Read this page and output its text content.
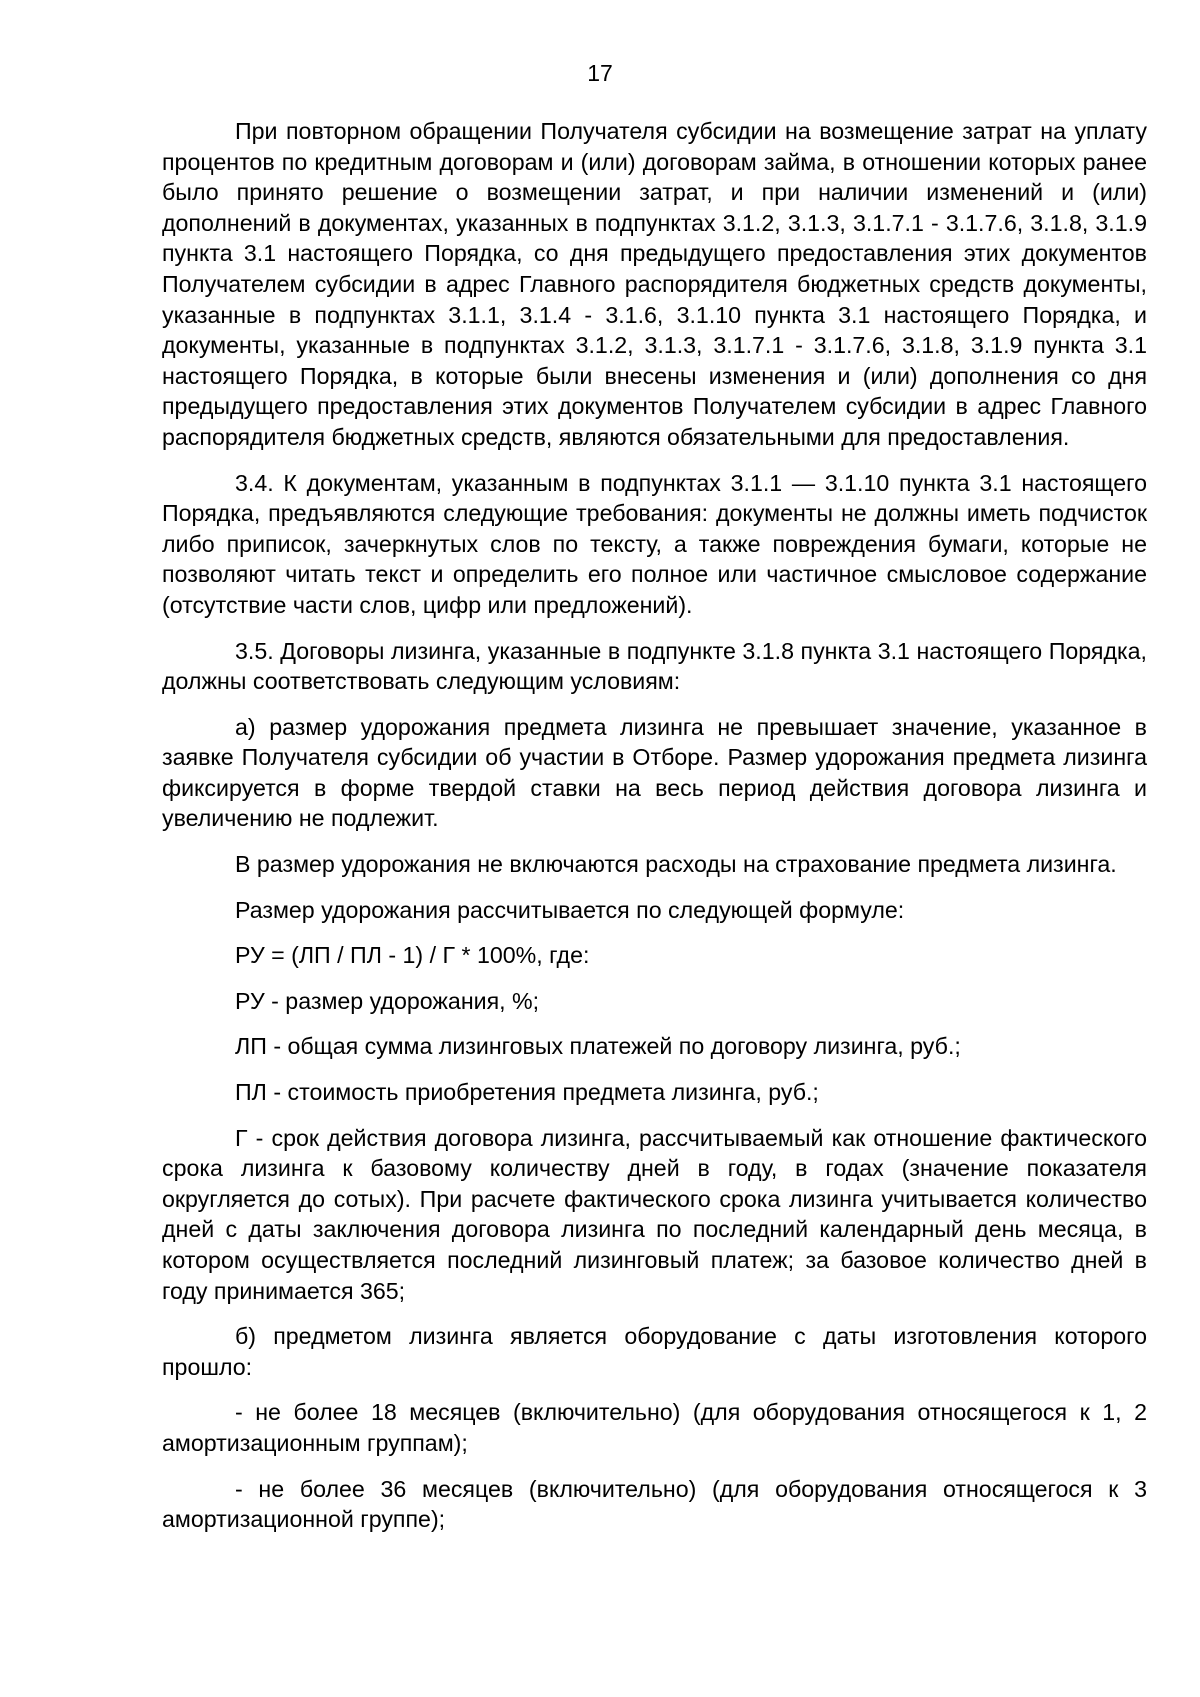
17

При повторном обращении Получателя субсидии на возмещение затрат на уплату процентов по кредитным договорам и (или) договорам займа, в отношении которых ранее было принято решение о возмещении затрат, и при наличии изменений и (или) дополнений в документах, указанных в подпунктах 3.1.2, 3.1.3, 3.1.7.1 - 3.1.7.6, 3.1.8, 3.1.9 пункта 3.1 настоящего Порядка, со дня предыдущего предоставления этих документов Получателем субсидии в адрес Главного распорядителя бюджетных средств документы, указанные в подпунктах 3.1.1, 3.1.4 - 3.1.6, 3.1.10 пункта 3.1 настоящего Порядка, и документы, указанные в подпунктах 3.1.2, 3.1.3, 3.1.7.1 - 3.1.7.6, 3.1.8, 3.1.9 пункта 3.1 настоящего Порядка, в которые были внесены изменения и (или) дополнения со дня предыдущего предоставления этих документов Получателем субсидии в адрес Главного распорядителя бюджетных средств, являются обязательными для предоставления.

3.4. К документам, указанным в подпунктах 3.1.1 — 3.1.10 пункта 3.1 настоящего Порядка, предъявляются следующие требования: документы не должны иметь подчисток либо приписок, зачеркнутых слов по тексту, а также повреждения бумаги, которые не позволяют читать текст и определить его полное или частичное смысловое содержание (отсутствие части слов, цифр или предложений).

3.5. Договоры лизинга, указанные в подпункте 3.1.8 пункта 3.1 настоящего Порядка, должны соответствовать следующим условиям:

а) размер удорожания предмета лизинга не превышает значение, указанное в заявке Получателя субсидии об участии в Отборе. Размер удорожания предмета лизинга фиксируется в форме твердой ставки на весь период действия договора лизинга и увеличению не подлежит.

В размер удорожания не включаются расходы на страхование предмета лизинга.

Размер удорожания рассчитывается по следующей формуле:

РУ = (ЛП / ПЛ - 1) / Г * 100%, где:

РУ - размер удорожания, %;

ЛП - общая сумма лизинговых платежей по договору лизинга, руб.;

ПЛ - стоимость приобретения предмета лизинга, руб.;

Г - срок действия договора лизинга, рассчитываемый как отношение фактического срока лизинга к базовому количеству дней в году, в годах (значение показателя округляется до сотых). При расчете фактического срока лизинга учитывается количество дней с даты заключения договора лизинга по последний календарный день месяца, в котором осуществляется последний лизинговый платеж; за базовое количество дней в году принимается 365;

б) предметом лизинга является оборудование с даты изготовления которого прошло:

- не более 18 месяцев (включительно) (для оборудования относящегося к 1, 2 амортизационным группам);

- не более 36 месяцев (включительно) (для оборудования относящегося к 3 амортизационной группе);
